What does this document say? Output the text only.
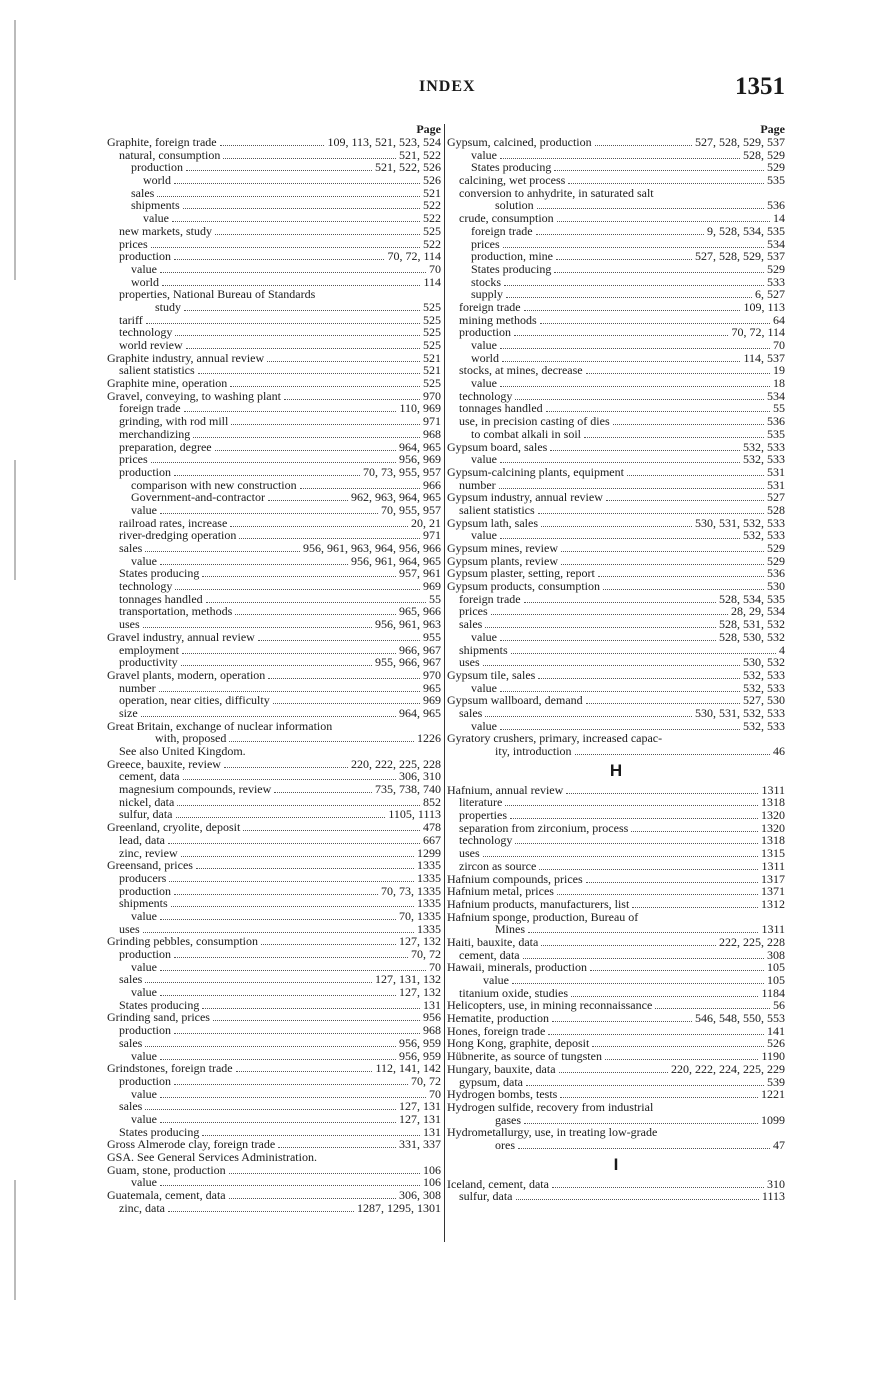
INDEX	1351
Page
Graphite, foreign trade	109, 113, 521, 523, 524
natural, consumption	521, 522
production	521, 522, 526
world	526
sales	521
shipments	522
value	522
new markets, study	525
prices	522
production	70, 72, 114
value	70
world	114
properties, National Bureau of Standards
study	525
tariff	525
technology	525
world review	525
Graphite industry, annual review	521
salient statistics	521
Graphite mine, operation	525
Gravel, conveying, to washing plant	970
foreign trade	110, 969
grinding, with rod mill	971
merchandizing	968
preparation, degree	964, 965
prices	956, 969
production	70, 73, 955, 957
comparison with new construction	966
Government-and-contractor	962, 963, 964, 965
value	70, 955, 957
railroad rates, increase	20, 21
river-dredging operation	971
sales	956, 961, 963, 964, 956, 966
value	956, 961, 964, 965
States producing	957, 961
technology	969
tonnages handled	55
transportation, methods	965, 966
uses	956, 961, 963
Gravel industry, annual review	955
employment	966, 967
productivity	955, 966, 967
Gravel plants, modern, operation	970
number	965
operation, near cities, difficulty	969
size	964, 965
Great Britain, exchange of nuclear information
with, proposed	1226
See also United Kingdom.
Greece, bauxite, review	220, 222, 225, 228
cement, data	306, 310
magnesium compounds, review	735, 738, 740
nickel, data	852
sulfur, data	1105, 1113
Greenland, cryolite, deposit	478
lead, data	667
zinc, review	1299
Greensand, prices	1335
producers	1335
production	70, 73, 1335
shipments	1335
value	70, 1335
uses	1335
Grinding pebbles, consumption	127, 132
production	70, 72
value	70
sales	127, 131, 132
value	127, 132
States producing	131
Grinding sand, prices	956
production	968
sales	956, 959
value	956, 959
Grindstones, foreign trade	112, 141, 142
production	70, 72
value	70
sales	127, 131
value	127, 131
States producing	131
Gross Almerode clay, foreign trade	331, 337
GSA. See General Services Administration.
Guam, stone, production	106
value	106
Guatemala, cement, data	306, 308
zinc, data	1287, 1295, 1301
Page
Gypsum, calcined, production	527, 528, 529, 537
value	528, 529
States producing	529
calcining, wet process	535
conversion to anhydrite, in saturated salt
solution	536
crude, consumption	14
foreign trade	9, 528, 534, 535
prices	534
production, mine	527, 528, 529, 537
States producing	529
stocks	533
supply	6, 527
foreign trade	109, 113
mining methods	64
production	70, 72, 114
value	70
world	114, 537
stocks, at mines, decrease	19
value	18
technology	534
tonnages handled	55
use, in precision casting of dies	536
to combat alkali in soil	535
Gypsum board, sales	532, 533
value	532, 533
Gypsum-calcining plants, equipment	531
number	531
Gypsum industry, annual review	527
salient statistics	528
Gypsum lath, sales	530, 531, 532, 533
value	532, 533
Gypsum mines, review	529
Gypsum plants, review	529
Gypsum plaster, setting, report	536
Gypsum products, consumption	530
foreign trade	528, 534, 535
prices	28, 29, 534
sales	528, 531, 532
value	528, 530, 532
shipments	4
uses	530, 532
Gypsum tile, sales	532, 533
value	532, 533
Gypsum wallboard, demand	527, 530
sales	530, 531, 532, 533
value	532, 533
Gyratory crushers, primary, increased capac-
ity, introduction	46
H
Hafnium, annual review	1311
literature	1318
properties	1320
separation from zirconium, process	1320
technology	1318
uses	1315
zircon as source	1311
Hafnium compounds, prices	1317
Hafnium metal, prices	1371
Hafnium products, manufacturers, list	1312
Hafnium sponge, production, Bureau of
Mines	1311
Haiti, bauxite, data	222, 225, 228
cement, data	308
Hawaii, minerals, production	105
value	105
titanium oxide, studies	1184
Helicopters, use, in mining reconnaissance	56
Hematite, production	546, 548, 550, 553
Hones, foreign trade	141
Hong Kong, graphite, deposit	526
Hübnerite, as source of tungsten	1190
Hungary, bauxite, data	220, 222, 224, 225, 229
gypsum, data	539
Hydrogen bombs, tests	1221
Hydrogen sulfide, recovery from industrial
gases	1099
Hydrometallurgy, use, in treating low-grade
ores	47
I
Iceland, cement, data	310
sulfur, data	1113
